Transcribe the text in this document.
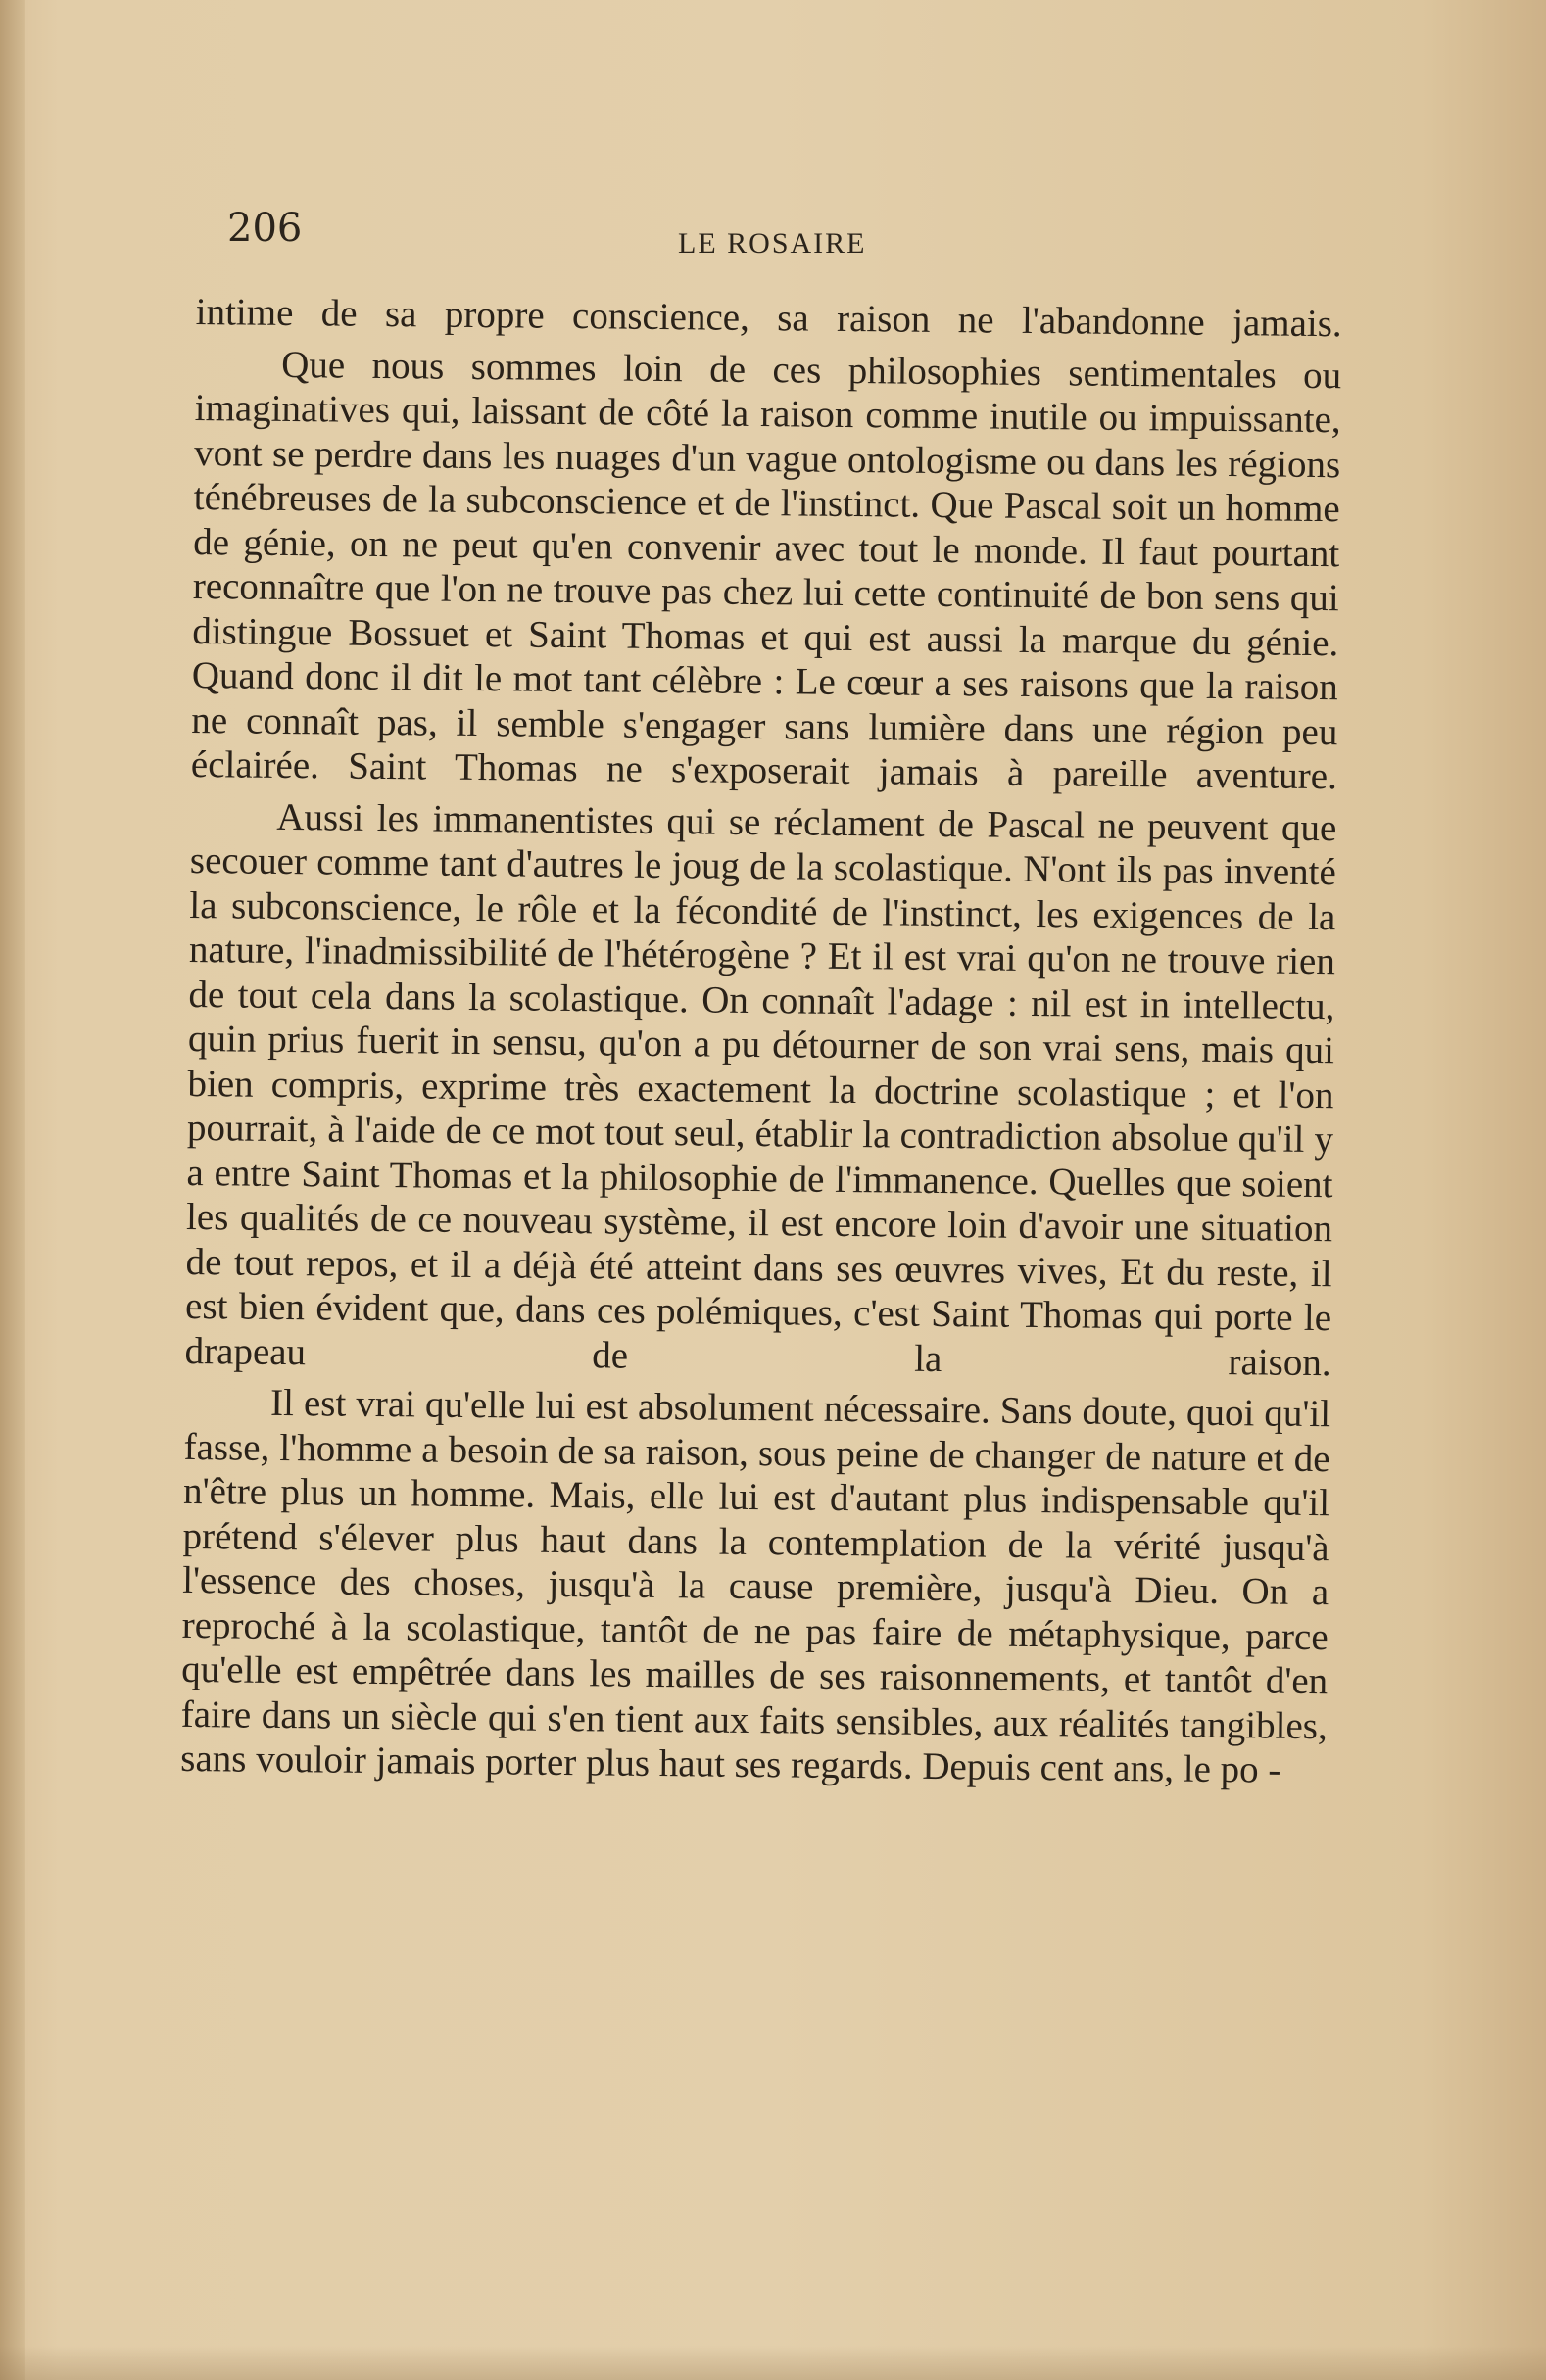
206	LE ROSAIRE

intime de sa propre conscience, sa raison ne l'abandonne jamais.

Que nous sommes loin de ces philosophies sentimentales ou imaginatives qui, laissant de côté la raison comme inutile ou impuissante, vont se perdre dans les nuages d'un vague ontologisme ou dans les régions ténébreuses de la subconscience et de l'instinct. Que Pascal soit un homme de génie, on ne peut qu'en convenir avec tout le monde. Il faut pourtant reconnaître que l'on ne trouve pas chez lui cette continuité de bon sens qui distingue Bossuet et Saint Thomas et qui est aussi la marque du génie. Quand donc il dit le mot tant célèbre : Le cœur a ses raisons que la raison ne connaît pas, il semble s'engager sans lumière dans une région peu éclairée. Saint Thomas ne s'exposerait jamais à pareille aventure.

Aussi les immanentistes qui se réclament de Pascal ne peuvent que secouer comme tant d'autres le joug de la scolastique. N'ont ils pas inventé la subconscience, le rôle et la fécondité de l'instinct, les exigences de la nature, l'inadmissibilité de l'hétérogène ? Et il est vrai qu'on ne trouve rien de tout cela dans la scolastique. On connaît l'adage : nil est in intellectu, quin prius fuerit in sensu, qu'on a pu détourner de son vrai sens, mais qui bien compris, exprime très exactement la doctrine scolastique ; et l'on pourrait, à l'aide de ce mot tout seul, établir la contradiction absolue qu'il y a entre Saint Thomas et la philosophie de l'immanence. Quelles que soient les qualités de ce nouveau système, il est encore loin d'avoir une situation de tout repos, et il a déjà été atteint dans ses œuvres vives, Et du reste, il est bien évident que, dans ces polémiques, c'est Saint Thomas qui porte le drapeau de la raison.

Il est vrai qu'elle lui est absolument nécessaire. Sans doute, quoi qu'il fasse, l'homme a besoin de sa raison, sous peine de changer de nature et de n'être plus un homme. Mais, elle lui est d'autant plus indispensable qu'il prétend s'élever plus haut dans la contemplation de la vérité jusqu'à l'essence des choses, jusqu'à la cause première, jusqu'à Dieu. On a reproché à la scolastique, tantôt de ne pas faire de métaphysique, parce qu'elle est empêtrée dans les mailles de ses raisonnements, et tantôt d'en faire dans un siècle qui s'en tient aux faits sensibles, aux réalités tangibles, sans vouloir jamais porter plus haut ses regards. Depuis cent ans, le po -
